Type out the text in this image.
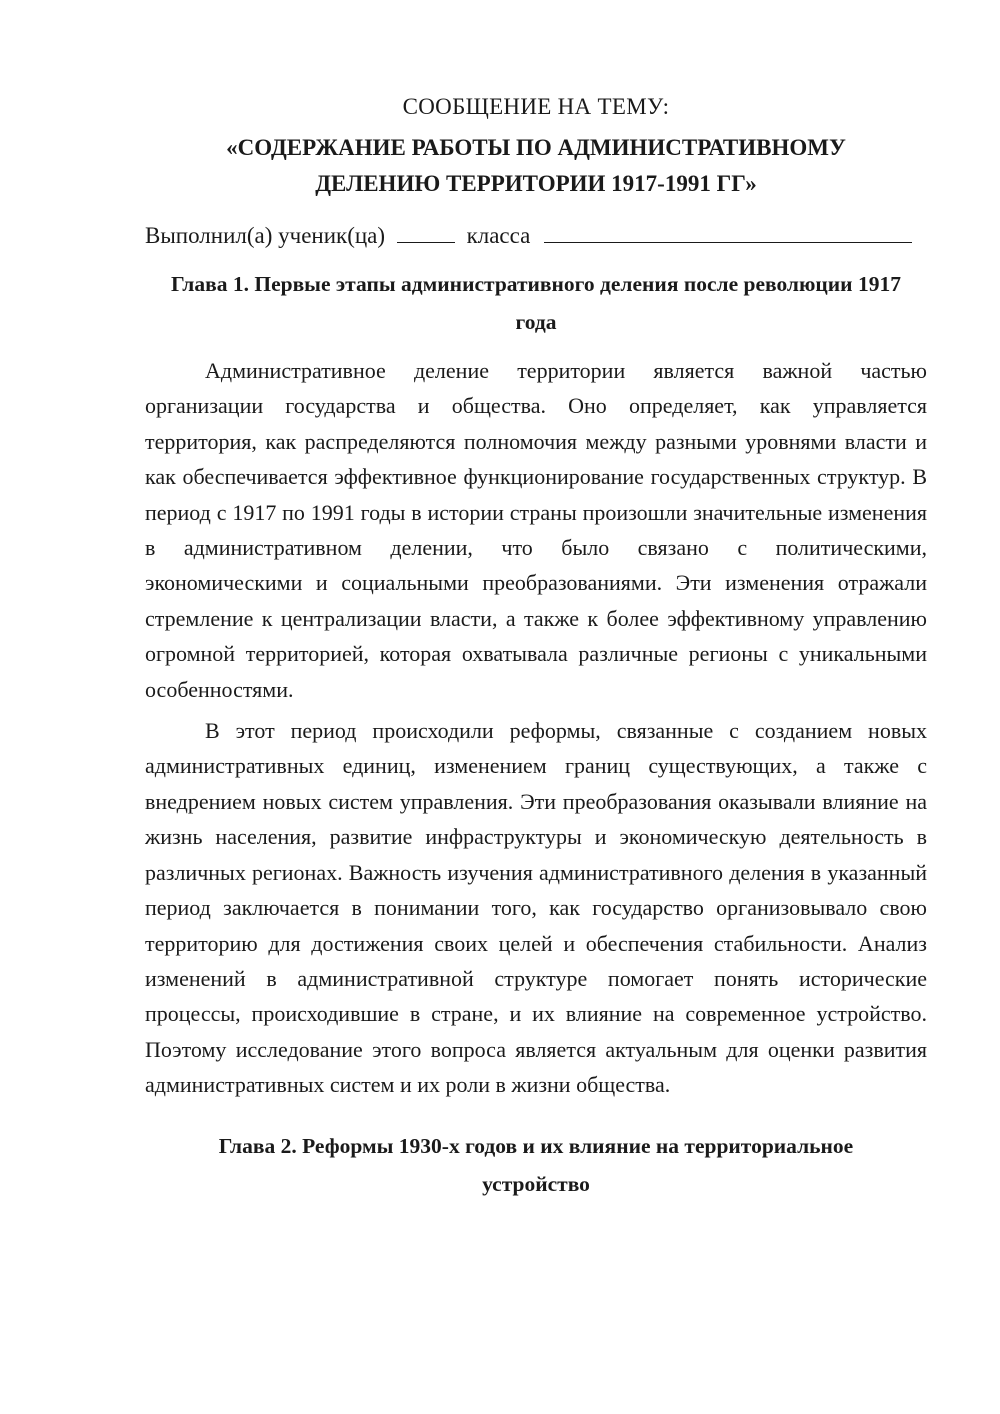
СООБЩЕНИЕ НА ТЕМУ:

«СОДЕРЖАНИЕ РАБОТЫ ПО АДМИНИСТРАТИВНОМУ
ДЕЛЕНИЮ ТЕРРИТОРИИ 1917-1991 ГГ»

Выполнил(а) ученик(ца)	класса

Глава 1. Первые этапы административного деления после революции 1917
года

Административное деление территории является важной частью организации государства и общества. Оно определяет, как управляется территория, как распределяются полномочия между разными уровнями власти и как обеспечивается эффективное функционирование государственных структур. В период с 1917 по 1991 годы в истории страны произошли значительные изменения в административном делении, что было связано с политическими, экономическими и социальными преобразованиями. Эти изменения отражали стремление к централизации власти, а также к более эффективному управлению огромной территорией, которая охватывала различные регионы с уникальными особенностями.

В этот период происходили реформы, связанные с созданием новых административных единиц, изменением границ существующих, а также с внедрением новых систем управления. Эти преобразования оказывали влияние на жизнь населения, развитие инфраструктуры и экономическую деятельность в различных регионах. Важность изучения административного деления в указанный период заключается в понимании того, как государство организовывало свою территорию для достижения своих целей и обеспечения стабильности. Анализ изменений в административной структуре помогает понять исторические процессы, происходившие в стране, и их влияние на современное устройство. Поэтому исследование этого вопроса является актуальным для оценки развития административных систем и их роли в жизни общества.

Глава 2. Реформы 1930-х годов и их влияние на территориальное
устройство
